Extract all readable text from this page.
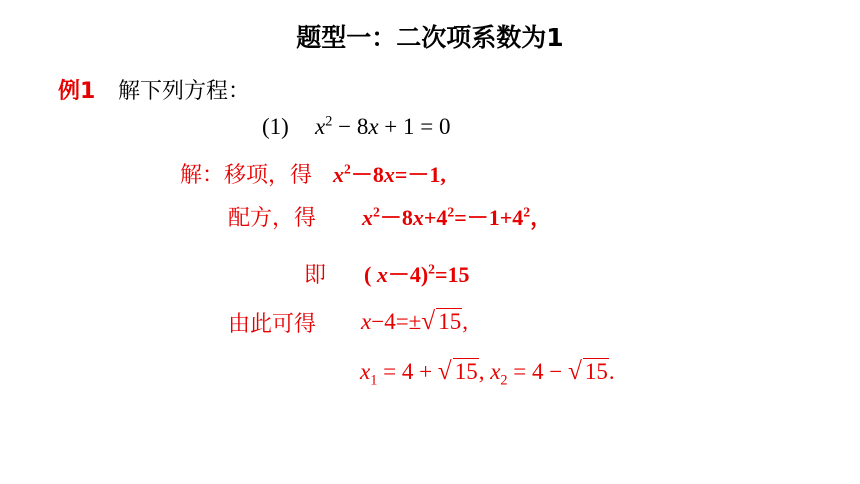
题型一：二次项系数为1
例1 解下列方程：
(1) $x^2 - 8x + 1 = 0$
解：移项，得 $x^2-8x=-1$,
配方，得 $x^2-8x+4^2=-1+4^2$，
即 ( x－4)$^2$=15
由此可得 x−4=±√ 15,
$x_1 = 4$ + √ 15, $x_2 = 4$ − √ 15.
